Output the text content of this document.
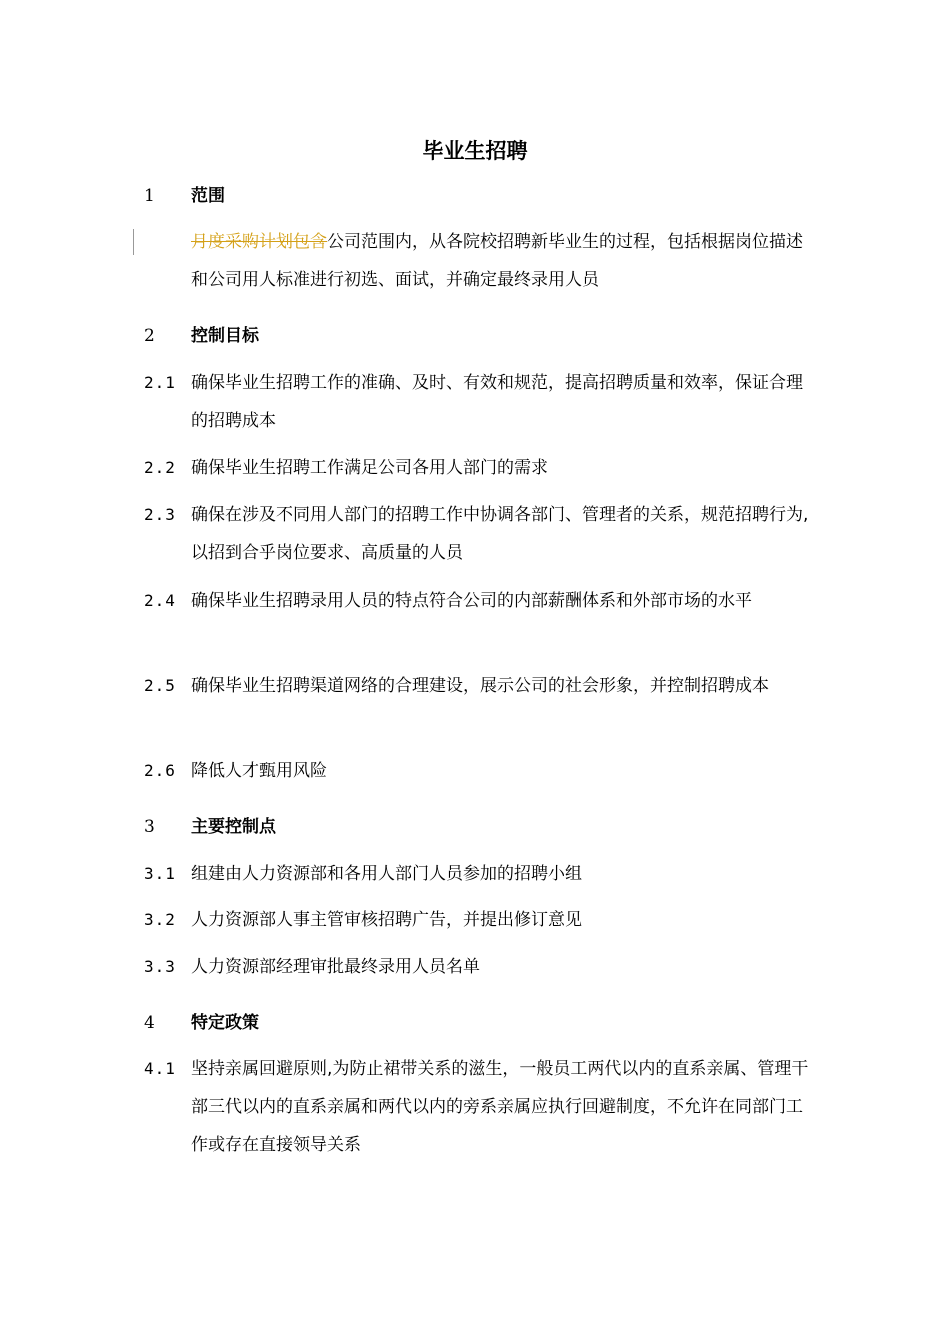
毕业生招聘
1 范围
月度采购计划包含公司范围内，从各院校招聘新毕业生的过程，包括根据岗位描述和公司用人标准进行初选、面试，并确定最终录用人员
2 控制目标
2.1 确保毕业生招聘工作的准确、及时、有效和规范，提高招聘质量和效率，保证合理的招聘成本
2.2 确保毕业生招聘工作满足公司各用人部门的需求
2.3 确保在涉及不同用人部门的招聘工作中协调各部门、管理者的关系，规范招聘行为,以招到合乎岗位要求、高质量的人员
2.4 确保毕业生招聘录用人员的特点符合公司的内部薪酬体系和外部市场的水平
2.5 确保毕业生招聘渠道网络的合理建设，展示公司的社会形象，并控制招聘成本
2.6 降低人才甄用风险
3 主要控制点
3.1 组建由人力资源部和各用人部门人员参加的招聘小组
3.2 人力资源部人事主管审核招聘广告，并提出修订意见
3.3 人力资源部经理审批最终录用人员名单
4 特定政策
4.1 坚持亲属回避原则,为防止裙带关系的滋生，一般员工两代以内的直系亲属、管理干部三代以内的直系亲属和两代以内的旁系亲属应执行回避制度，不允许在同部门工作或存在直接领导关系
